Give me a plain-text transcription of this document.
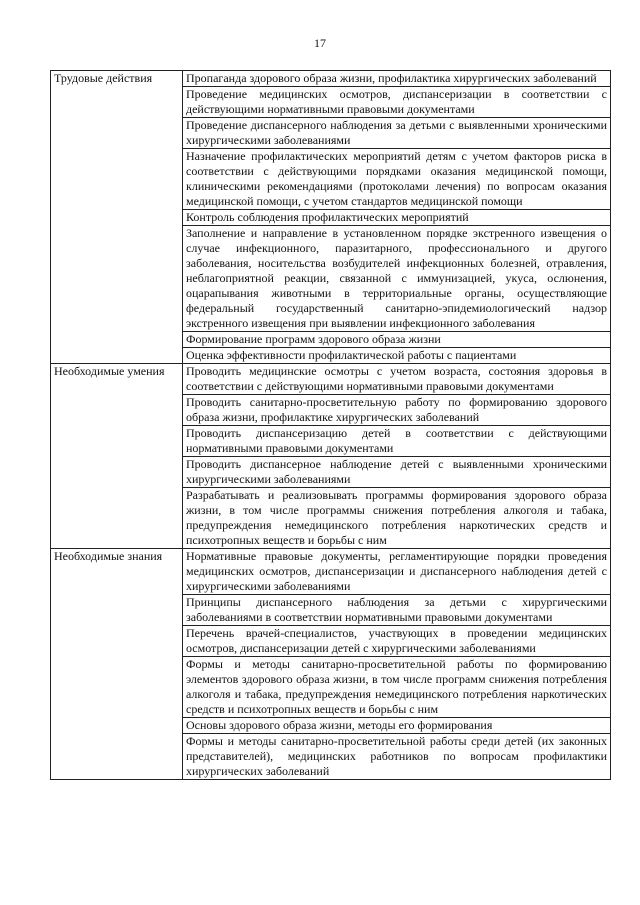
17
Трудовые действия	Пропаганда здорового образа жизни, профилактика хирургических заболеваний
	Проведение медицинских осмотров, диспансеризации в соответствии с действующими нормативными правовыми документами
	Проведение диспансерного наблюдения за детьми с выявленными хроническими хирургическими заболеваниями
	Назначение профилактических мероприятий детям с учетом факторов риска в соответствии с действующими порядками оказания медицинской помощи, клиническими рекомендациями (протоколами лечения) по вопросам оказания медицинской помощи, с учетом стандартов медицинской помощи
	Контроль соблюдения профилактических мероприятий
	Заполнение и направление в установленном порядке экстренного извещения о случае инфекционного, паразитарного, профессионального и другого заболевания, носительства возбудителей инфекционных болезней, отравления, неблагоприятной реакции, связанной с иммунизацией, укуса, ослюнения, оцарапывания животными в территориальные органы, осуществляющие федеральный государственный санитарно-эпидемиологический надзор экстренного извещения при выявлении инфекционного заболевания
	Формирование программ здорового образа жизни
	Оценка эффективности профилактической работы с пациентами
Необходимые умения	Проводить медицинские осмотры с учетом возраста, состояния здоровья в соответствии с действующими нормативными правовыми документами
	Проводить санитарно-просветительную работу по формированию здорового образа жизни, профилактике хирургических заболеваний
	Проводить диспансеризацию детей в соответствии с действующими нормативными правовыми документами
	Проводить диспансерное наблюдение детей с выявленными хроническими хирургическими заболеваниями
	Разрабатывать и реализовывать программы формирования здорового образа жизни, в том числе программы снижения потребления алкоголя и табака, предупреждения немедицинского потребления наркотических средств и психотропных веществ и борьбы с ним
Необходимые знания	Нормативные правовые документы, регламентирующие порядки проведения медицинских осмотров, диспансеризации и диспансерного наблюдения детей с хирургическими заболеваниями
	Принципы диспансерного наблюдения за детьми с хирургическими заболеваниями в соответствии нормативными правовыми документами
	Перечень врачей-специалистов, участвующих в проведении медицинских осмотров, диспансеризации детей с хирургическими заболеваниями
	Формы и методы санитарно-просветительной работы по формированию элементов здорового образа жизни, в том числе программ снижения потребления алкоголя и табака, предупреждения немедицинского потребления наркотических средств и психотропных веществ и борьбы с ним
	Основы здорового образа жизни, методы его формирования
	Формы и методы санитарно-просветительной работы среди детей (их законных представителей), медицинских работников по вопросам профилактики хирургических заболеваний
